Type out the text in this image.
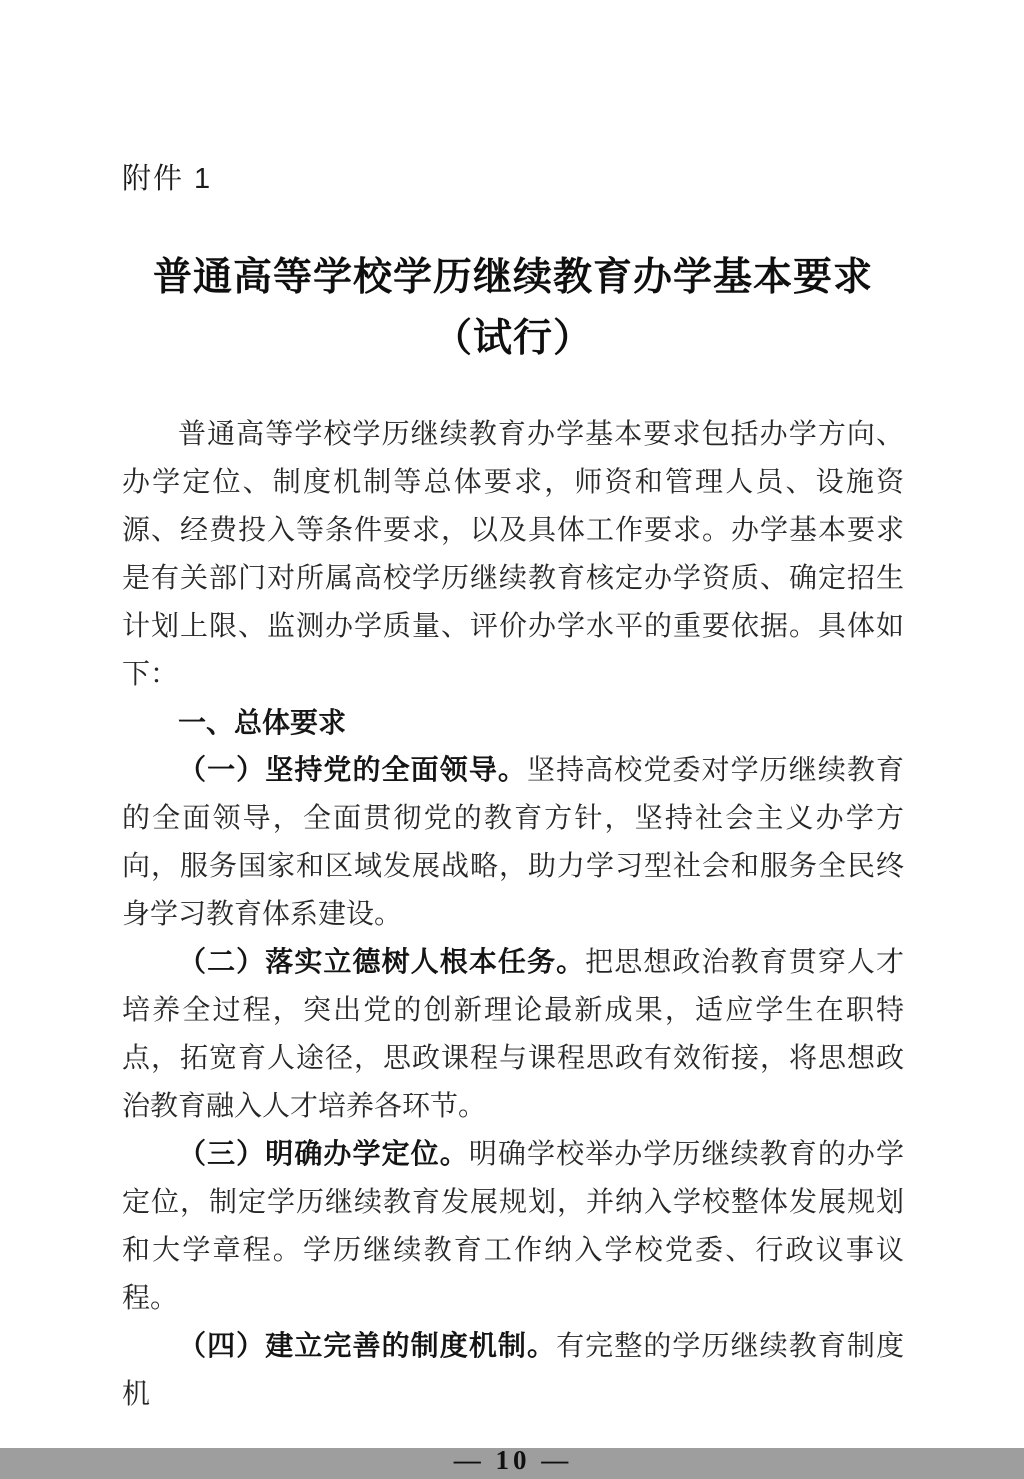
附件 1
普通高等学校学历继续教育办学基本要求
（试行）

普通高等学校学历继续教育办学基本要求包括办学方向、办学定位、制度机制等总体要求，师资和管理人员、设施资源、经费投入等条件要求，以及具体工作要求。办学基本要求是有关部门对所属高校学历继续教育核定办学资质、确定招生计划上限、监测办学质量、评价办学水平的重要依据。具体如下：

一、总体要求

（一）坚持党的全面领导。坚持高校党委对学历继续教育的全面领导，全面贯彻党的教育方针，坚持社会主义办学方向，服务国家和区域发展战略，助力学习型社会和服务全民终身学习教育体系建设。

（二）落实立德树人根本任务。把思想政治教育贯穿人才培养全过程，突出党的创新理论最新成果，适应学生在职特点，拓宽育人途径，思政课程与课程思政有效衔接，将思想政治教育融入人才培养各环节。

（三）明确办学定位。明确学校举办学历继续教育的办学定位，制定学历继续教育发展规划，并纳入学校整体发展规划和大学章程。学历继续教育工作纳入学校党委、行政议事议程。

（四）建立完善的制度机制。有完整的学历继续教育制度机

— 10 —
